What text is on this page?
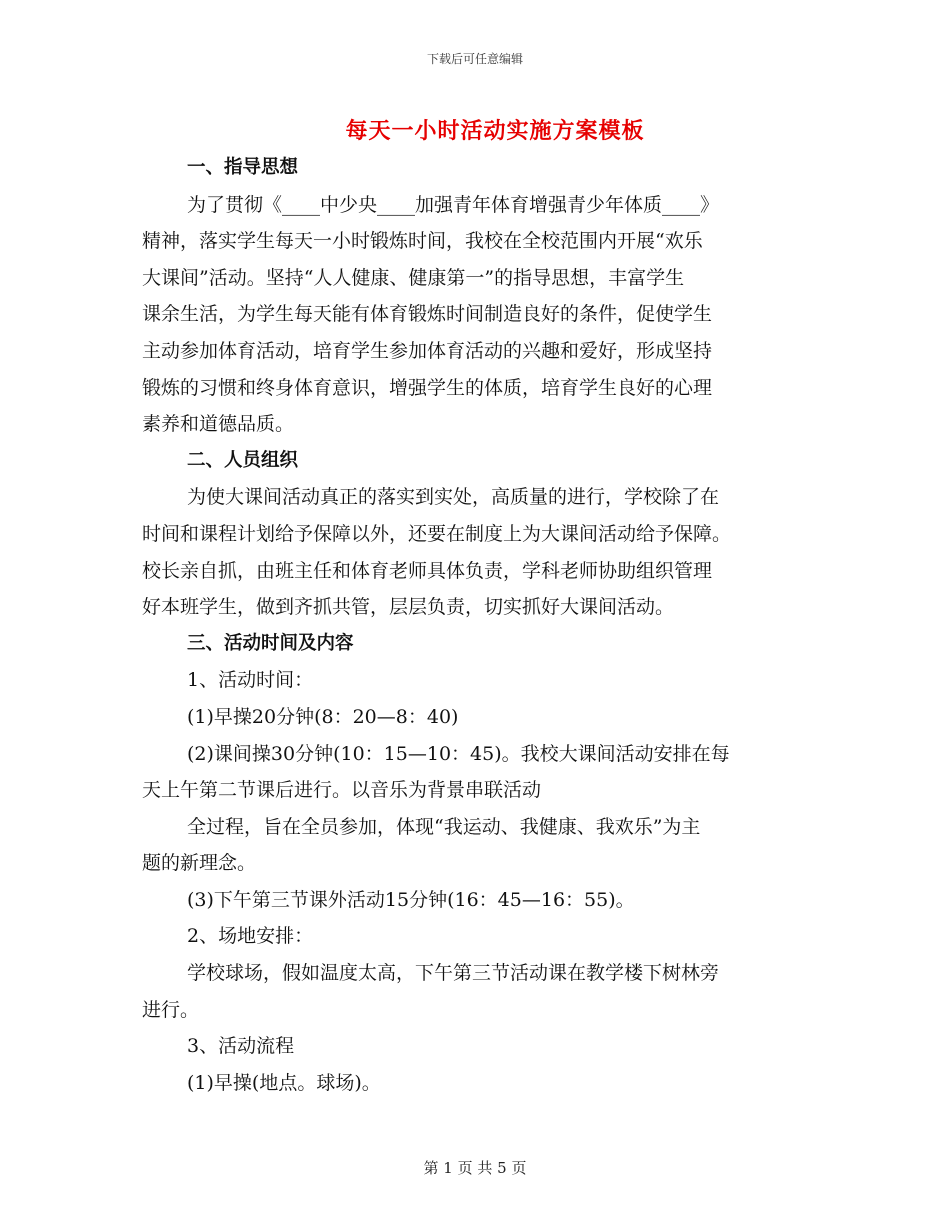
下载后可任意编辑
每天一小时活动实施方案模板
一、指导思想
为了贯彻《____中少央____加强青年体育增强青少年体质____》
精神，落实学生每天一小时锻炼时间，我校在全校范围内开展“欢乐
大课间”活动。坚持“人人健康、健康第一”的指导思想，丰富学生
课余生活，为学生每天能有体育锻炼时间制造良好的条件，促使学生
主动参加体育活动，培育学生参加体育活动的兴趣和爱好，形成坚持
锻炼的习惯和终身体育意识，增强学生的体质，培育学生良好的心理
素养和道德品质。
二、人员组织
为使大课间活动真正的落实到实处，高质量的进行，学校除了在
时间和课程计划给予保障以外，还要在制度上为大课间活动给予保障。
校长亲自抓，由班主任和体育老师具体负责，学科老师协助组织管理
好本班学生，做到齐抓共管，层层负责，切实抓好大课间活动。
三、活动时间及内容
1、活动时间：
(1)早操20分钟(8：20—8：40)
(2)课间操30分钟(10：15—10：45)。我校大课间活动安排在每
天上午第二节课后进行。以音乐为背景串联活动
全过程，旨在全员参加，体现“我运动、我健康、我欢乐”为主
题的新理念。
(3)下午第三节课外活动15分钟(16：45—16：55)。
2、场地安排：
学校球场，假如温度太高，下午第三节活动课在教学楼下树林旁
进行。
3、活动流程
(1)早操(地点。球场)。
第 1 页 共 5 页
